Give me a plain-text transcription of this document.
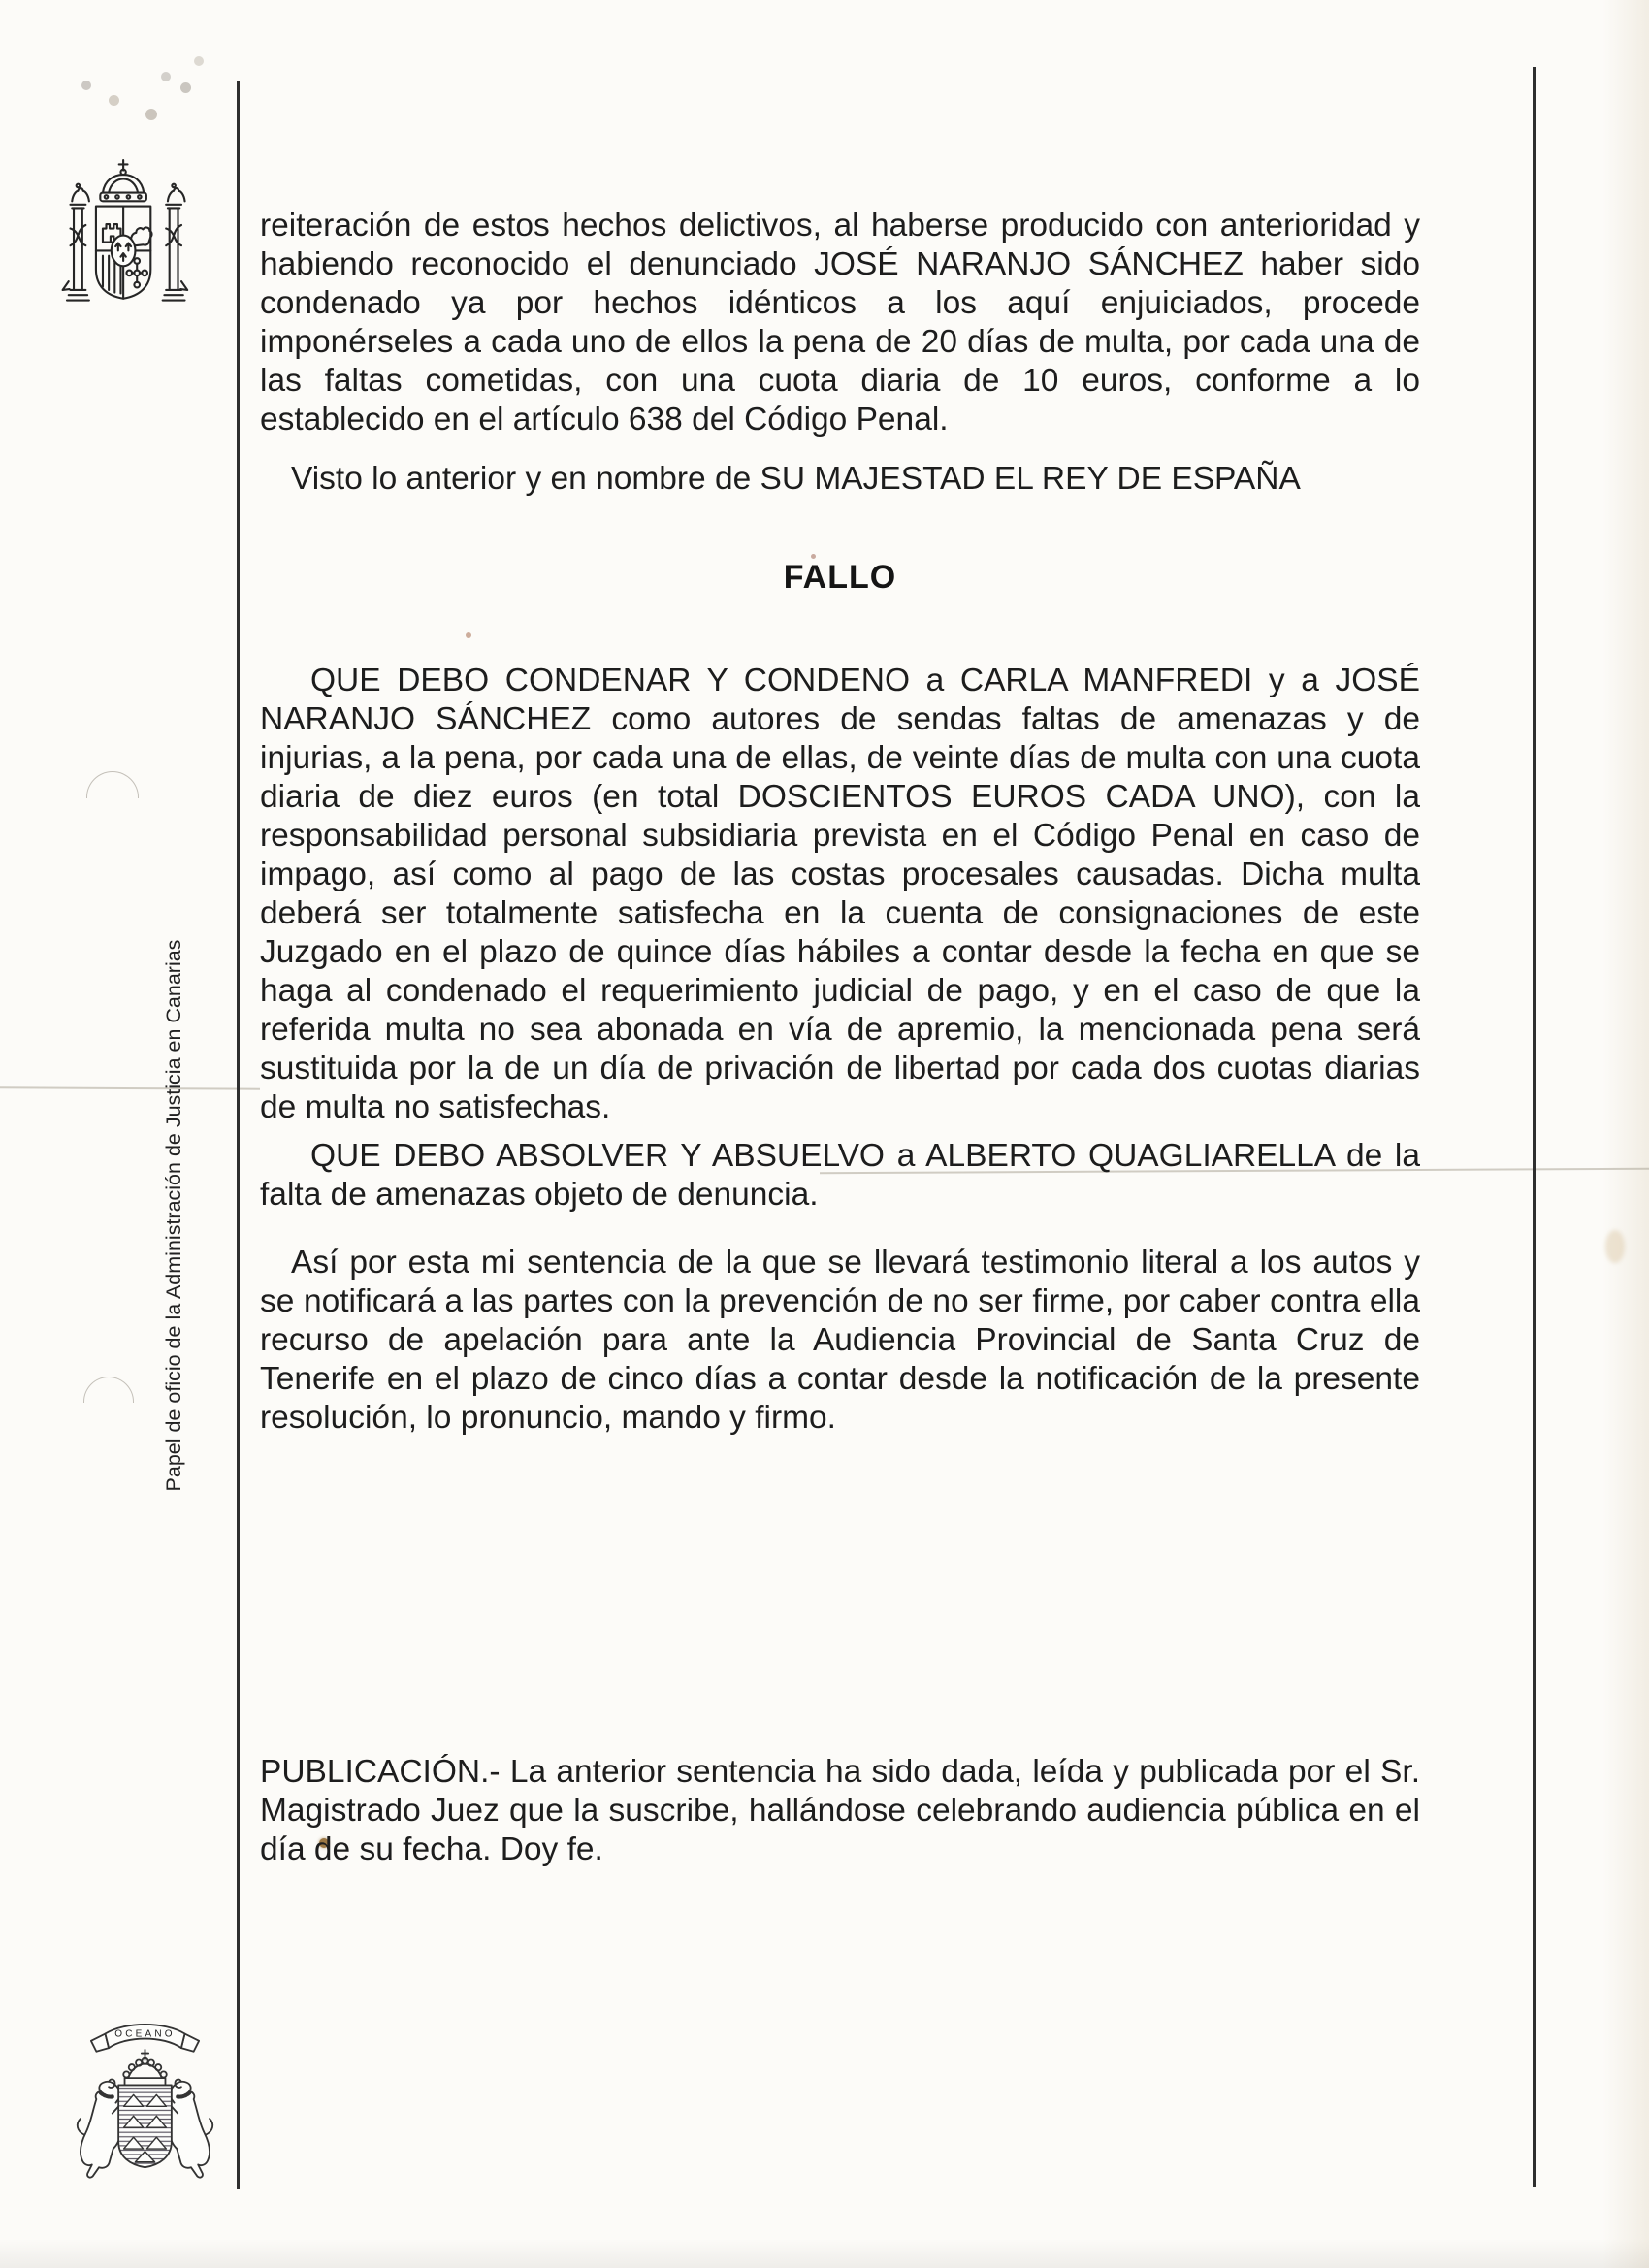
Papel de oficio de la Administración de Justicia en Canarias

reiteración de estos hechos delictivos, al haberse producido con anterioridad y habiendo reconocido el denunciado JOSÉ NARANJO SÁNCHEZ haber sido condenado ya por hechos idénticos a los aquí enjuiciados, procede imponérseles a cada uno de ellos la pena de 20 días de multa, por cada una de las faltas cometidas, con una cuota diaria de 10 euros, conforme a lo establecido en el artículo 638 del Código Penal.

Visto lo anterior y en nombre de SU MAJESTAD EL REY DE ESPAÑA

FALLO

QUE DEBO CONDENAR Y CONDENO a CARLA MANFREDI y a JOSÉ NARANJO SÁNCHEZ como autores de sendas faltas de amenazas y de injurias, a la pena, por cada una de ellas, de veinte días de multa con una cuota diaria de diez euros (en total DOSCIENTOS EUROS CADA UNO), con la responsabilidad personal subsidiaria prevista en el Código Penal en caso de impago, así como al pago de las costas procesales causadas. Dicha multa deberá ser totalmente satisfecha en la cuenta de consignaciones de este Juzgado en el plazo de quince días hábiles a contar desde la fecha en que se haga al condenado el requerimiento judicial de pago, y en el caso de que la referida multa no sea abonada en vía de apremio, la mencionada pena será sustituida por la de un día de privación de libertad por cada dos cuotas diarias de multa no satisfechas.

QUE DEBO ABSOLVER Y ABSUELVO a ALBERTO QUAGLIARELLA de la falta de amenazas objeto de denuncia.

Así por esta mi sentencia de la que se llevará testimonio literal a los autos y se notificará a las partes con la prevención de no ser firme, por caber contra ella recurso de apelación para ante la Audiencia Provincial de Santa Cruz de Tenerife en el plazo de cinco días a contar desde la notificación de la presente resolución, lo pronuncio, mando y firmo.

PUBLICACIÓN.- La anterior sentencia ha sido dada, leída y publicada por el Sr. Magistrado Juez que la suscribe, hallándose celebrando audiencia pública en el día de su fecha. Doy fe.

OCEANO
